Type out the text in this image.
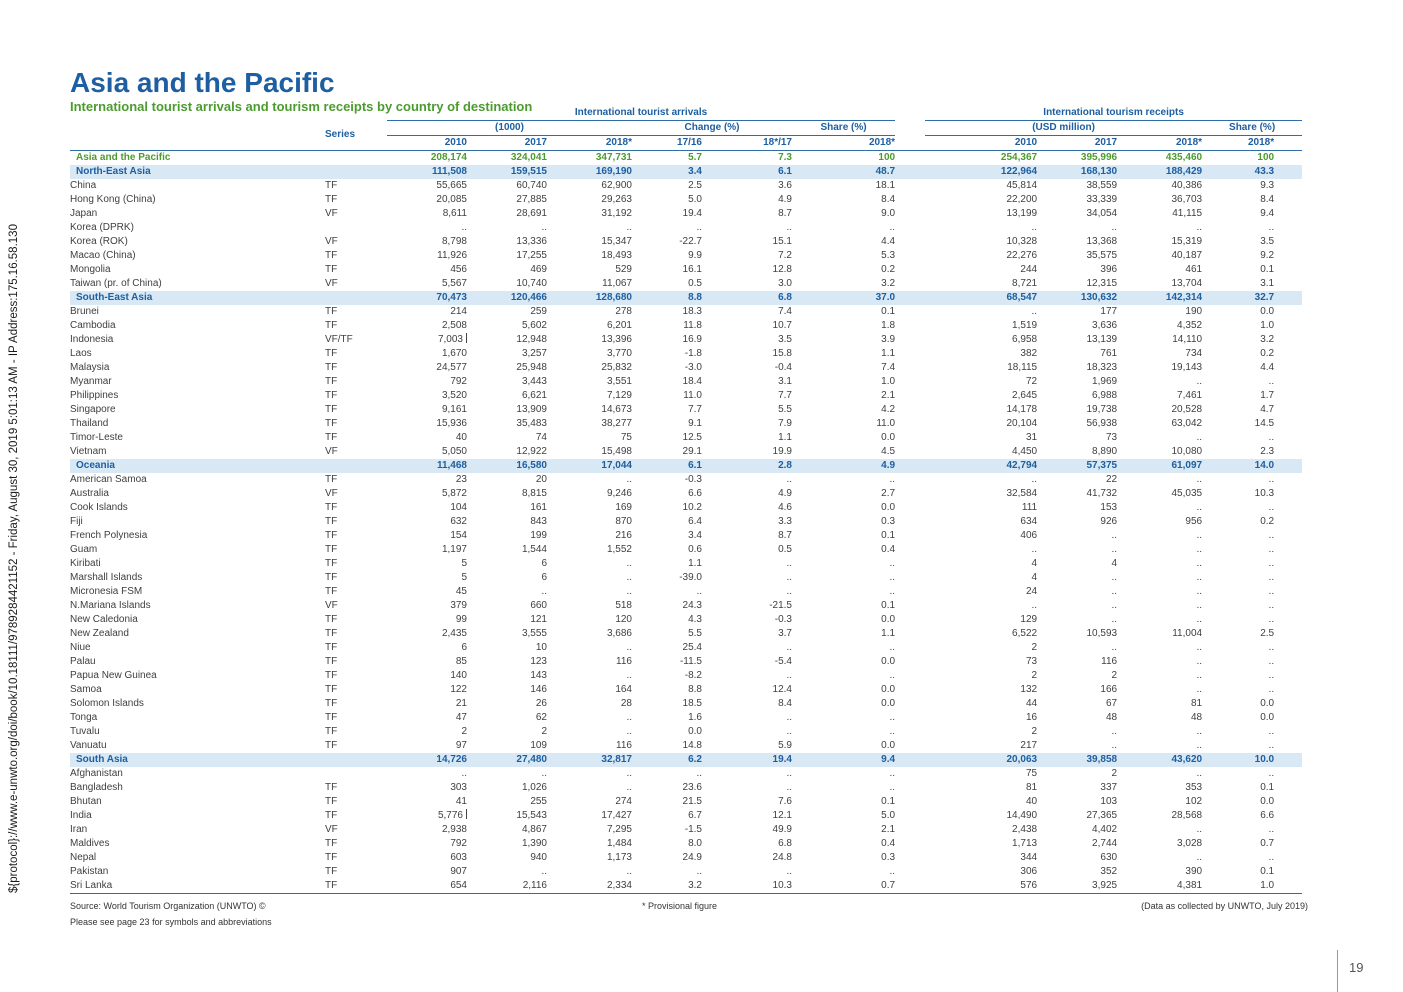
${protocol}://www.e-unwto.org/doi/book/10.18111/9789284421152 - Friday, August 30, 2019 5:01:13 AM - IP Address:175.16.58.130
Asia and the Pacific
International tourist arrivals and tourism receipts by country of destination
		International tourist arrivals							International tourism receipts			
	Series	(1000)			Change (%)		Share (%)		(USD million)			Share (%)
		2010	2017	2018*	17/16	18*/17	2018*		2010	2017	2018*	2018*
Asia and the Pacific		208,174	324,041	347,731	5.7	7.3	100		254,367	395,996	435,460	100
North-East Asia		111,508	159,515	169,190	3.4	6.1	48.7		122,964	168,130	188,429	43.3
China	TF	55,665	60,740	62,900	2.5	3.6	18.1		45,814	38,559	40,386	9.3
Hong Kong (China)	TF	20,085	27,885	29,263	5.0	4.9	8.4		22,200	33,339	36,703	8.4
Japan	VF	8,611	28,691	31,192	19.4	8.7	9.0		13,199	34,054	41,115	9.4
Korea (DPRK)		..	..	..	..	..	..		..	..	..	..
Korea (ROK)	VF	8,798	13,336	15,347	-22.7	15.1	4.4		10,328	13,368	15,319	3.5
Macao (China)	TF	11,926	17,255	18,493	9.9	7.2	5.3		22,276	35,575	40,187	9.2
Mongolia	TF	456	469	529	16.1	12.8	0.2		244	396	461	0.1
Taiwan (pr. of China)	VF	5,567	10,740	11,067	0.5	3.0	3.2		8,721	12,315	13,704	3.1
South-East Asia		70,473	120,466	128,680	8.8	6.8	37.0		68,547	130,632	142,314	32.7
Brunei	TF	214	259	278	18.3	7.4	0.1		..	177	190	0.0
Cambodia	TF	2,508	5,602	6,201	11.8	10.7	1.8		1,519	3,636	4,352	1.0
Indonesia	VF/TF	7,003	12,948	13,396	16.9	3.5	3.9		6,958	13,139	14,110	3.2
Laos	TF	1,670	3,257	3,770	-1.8	15.8	1.1		382	761	734	0.2
Malaysia	TF	24,577	25,948	25,832	-3.0	-0.4	7.4		18,115	18,323	19,143	4.4
Myanmar	TF	792	3,443	3,551	18.4	3.1	1.0		72	1,969	..	..
Philippines	TF	3,520	6,621	7,129	11.0	7.7	2.1		2,645	6,988	7,461	1.7
Singapore	TF	9,161	13,909	14,673	7.7	5.5	4.2		14,178	19,738	20,528	4.7
Thailand	TF	15,936	35,483	38,277	9.1	7.9	11.0		20,104	56,938	63,042	14.5
Timor-Leste	TF	40	74	75	12.5	1.1	0.0		31	73	..	..
Vietnam	VF	5,050	12,922	15,498	29.1	19.9	4.5		4,450	8,890	10,080	2.3
Oceania		11,468	16,580	17,044	6.1	2.8	4.9		42,794	57,375	61,097	14.0
American Samoa	TF	23	20	..	-0.3	..	..		..	22	..	..
Australia	VF	5,872	8,815	9,246	6.6	4.9	2.7		32,584	41,732	45,035	10.3
Cook Islands	TF	104	161	169	10.2	4.6	0.0		111	153	..	..
Fiji	TF	632	843	870	6.4	3.3	0.3		634	926	956	0.2
French Polynesia	TF	154	199	216	3.4	8.7	0.1		406	..	..	..
Guam	TF	1,197	1,544	1,552	0.6	0.5	0.4		..	..	..	..
Kiribati	TF	5	6	..	1.1	..	..		4	4	..	..
Marshall Islands	TF	5	6	..	-39.0	..	..		4	..	..	..
Micronesia FSM	TF	45	..	..	..	..	..		24	..	..	..
N.Mariana Islands	VF	379	660	518	24.3	-21.5	0.1		..	..	..	..
New Caledonia	TF	99	121	120	4.3	-0.3	0.0		129	..	..	..
New Zealand	TF	2,435	3,555	3,686	5.5	3.7	1.1		6,522	10,593	11,004	2.5
Niue	TF	6	10	..	25.4	..	..		2	..	..	..
Palau	TF	85	123	116	-11.5	-5.4	0.0		73	116	..	..
Papua New Guinea	TF	140	143	..	-8.2	..	..		2	2	..	..
Samoa	TF	122	146	164	8.8	12.4	0.0		132	166	..	..
Solomon Islands	TF	21	26	28	18.5	8.4	0.0		44	67	81	0.0
Tonga	TF	47	62	..	1.6	..	..		16	48	48	0.0
Tuvalu	TF	2	2	..	0.0	..	..		2	..	..	..
Vanuatu	TF	97	109	116	14.8	5.9	0.0		217	..	..	..
South Asia		14,726	27,480	32,817	6.2	19.4	9.4		20,063	39,858	43,620	10.0
Afghanistan		..	..	..	..	..	..		75	2	..	..
Bangladesh	TF	303	1,026	..	23.6	..	..		81	337	353	0.1
Bhutan	TF	41	255	274	21.5	7.6	0.1		40	103	102	0.0
India	TF	5,776	15,543	17,427	6.7	12.1	5.0		14,490	27,365	28,568	6.6
Iran	VF	2,938	4,867	7,295	-1.5	49.9	2.1		2,438	4,402	..	..
Maldives	TF	792	1,390	1,484	8.0	6.8	0.4		1,713	2,744	3,028	0.7
Nepal	TF	603	940	1,173	24.9	24.8	0.3		344	630	..	..
Pakistan	TF	907	..	..	..	..	..		306	352	390	0.1
Sri Lanka	TF	654	2,116	2,334	3.2	10.3	0.7		576	3,925	4,381	1.0
Source: World Tourism Organization (UNWTO) ©
Please see page 23 for symbols and abbreviations
* Provisional figure	(Data as collected by UNWTO, July 2019)
19
